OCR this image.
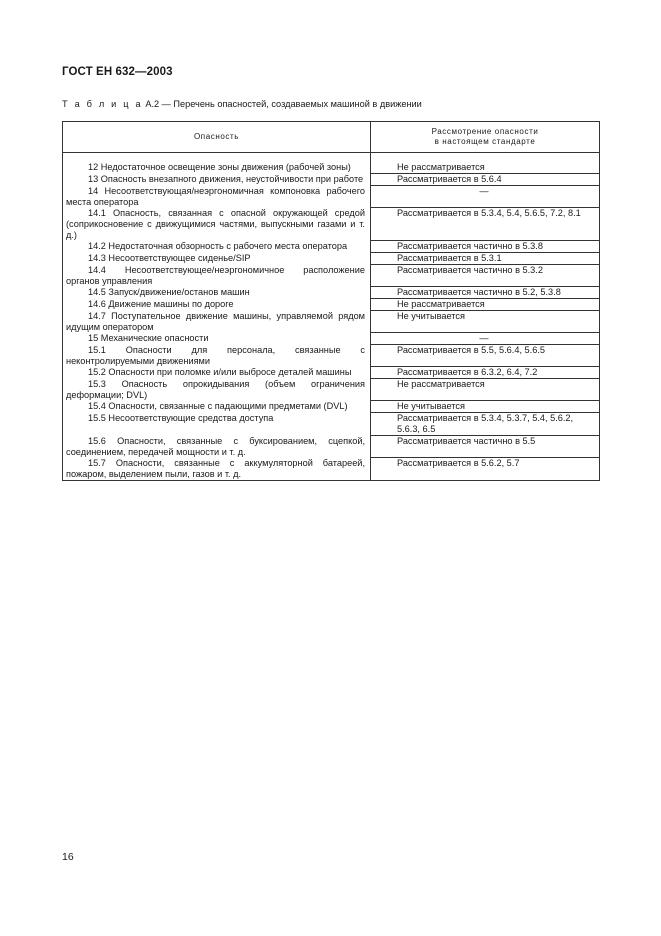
ГОСТ ЕН 632—2003
Т а б л и ц а А.2 — Перечень опасностей, создаваемых машиной в движении
Опасность	Рассмотрение опасности
в настоящем стандарте

12 Недостаточное освещение зоны движения (рабочей зоны)	Не рассматривается
13 Опасность внезапного движения, неустойчивости при работе	Рассматривается в 5.6.4
14 Несоответствующая/неэргономичная компоновка рабочего места оператора	—
14.1 Опасность, связанная с опасной окружающей средой (соприкосновение с движущимися частями, выпускными газами и т. д.)	Рассматривается в 5.3.4, 5.4, 5.6.5, 7.2, 8.1
14.2 Недостаточная обзорность с рабочего места оператора	Рассматривается частично в 5.3.8
14.3 Несоответствующее сиденье/SIP	Рассматривается в 5.3.1
14.4 Несоответствующее/неэргономичное расположение органов управления	Рассматривается частично в 5.3.2
14.5 Запуск/движение/останов машин	Рассматривается частично в 5.2, 5.3.8
14.6 Движение машины по дороге	Не рассматривается
14.7 Поступательное движение машины, управляемой рядом идущим оператором	Не учитывается
15 Механические опасности	—
15.1 Опасности для персонала, связанные с неконтролируемыми движениями	Рассматривается в 5.5, 5.6.4, 5.6.5
15.2 Опасности при поломке и/или выбросе деталей машины	Рассматривается в 6.3.2, 6.4, 7.2
15.3 Опасность опрокидывания (объем ограничения деформации; DVL)	Не рассматривается
15.4 Опасности, связанные с падающими предметами (DVL)	Не учитывается
15.5 Несоответствующие средства доступа	Рассматривается в 5.3.4, 5.3.7, 5.4, 5.6.2, 5.6.3, 6.5
15.6 Опасности, связанные с буксированием, сцепкой, соединением, передачей мощности и т. д.	Рассматривается частично в 5.5
15.7 Опасности, связанные с аккумуляторной батареей, пожаром, выделением пыли, газов и т. д.	Рассматривается в 5.6.2, 5.7
16
